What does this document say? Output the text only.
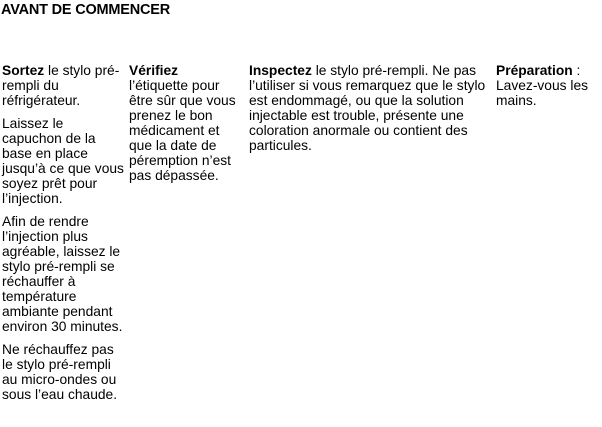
AVANT DE COMMENCER

Sortez le stylo pré-rempli du réfrigérateur.

Laissez le capuchon de la base en place jusqu’à ce que vous soyez prêt pour l’injection.

Afin de rendre l’injection plus agréable, laissez le stylo pré-rempli se réchauffer à température ambiante pendant environ 30 minutes.

Ne réchauffez pas le stylo pré-rempli au micro-ondes ou sous l’eau chaude.

Vérifiez
l’étiquette pour être sûr que vous prenez le bon médicament et que la date de péremption n’est pas dépassée.

Inspectez le stylo pré-rempli. Ne pas l’utiliser si vous remarquez que le stylo est endommagé, ou que la solution injectable est trouble, présente une coloration anormale ou contient des particules.

Préparation : Lavez-vous les mains.
